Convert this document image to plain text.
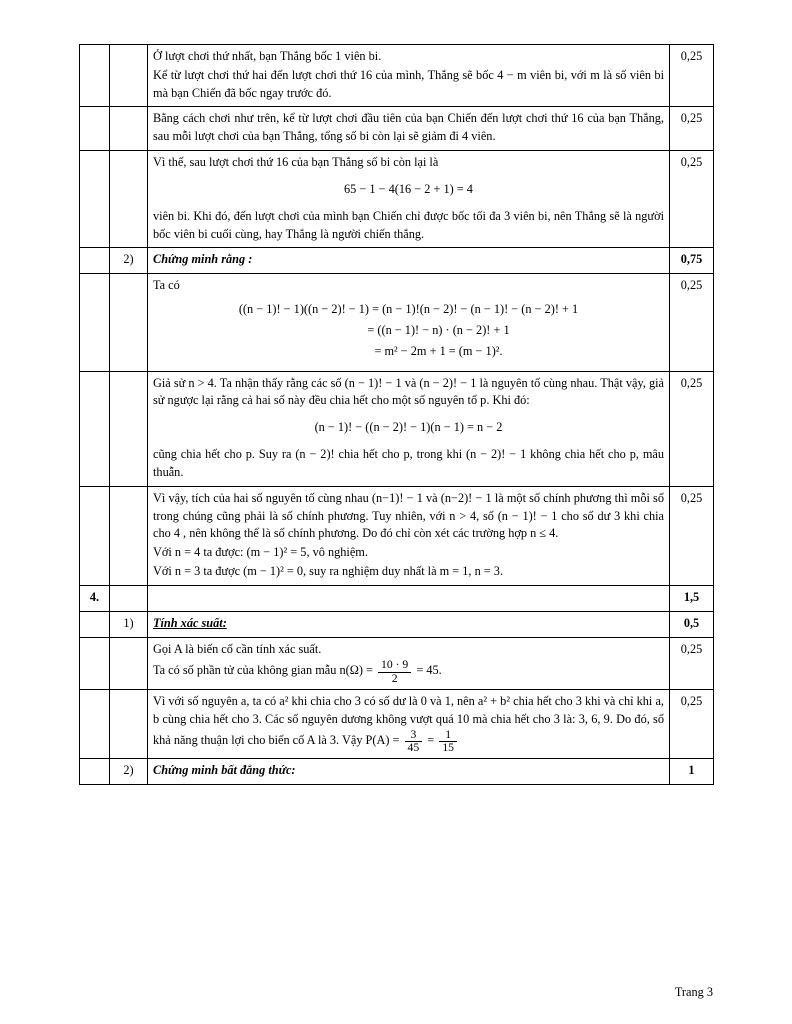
		Ở lượt chơi thứ nhất, bạn Thắng bốc 1 viên bi.

Kể từ lượt chơi thứ hai đến lượt chơi thứ 16 của mình, Thắng sẽ bốc 4 − m viên bi, với m là số viên bi mà bạn Chiến đã bốc ngay trước đó.	0,25

		Bằng cách chơi như trên, kể từ lượt chơi đầu tiên của bạn Chiến đến lượt chơi thứ 16 của bạn Thắng, sau mỗi lượt chơi của bạn Thắng, tổng số bi còn lại sẽ giảm đi 4 viên.	0,25

		Vì thế, sau lượt chơi thứ 16 của bạn Thắng số bi còn lại là

65 − 1 − 4(16 − 2 + 1) = 4

viên bi. Khi đó, đến lượt chơi của mình bạn Chiến chỉ được bốc tối đa 3 viên bi, nên Thắng sẽ là người bốc viên bi cuối cùng, hay Thắng là người chiến thắng.	0,25
	2)	Chứng minh rằng :	0,75

		Ta có

((n − 1)! − 1)((n − 2)! − 1) = (n − 1)!(n − 2)! − (n − 1)! − (n − 2)! + 1
= ((n − 1)! − n) · (n − 2)! + 1
= m² − 2m + 1 = (m − 1)².	0,25

		Giả sử n > 4. Ta nhận thấy rằng các số (n − 1)! − 1 và (n − 2)! − 1 là nguyên tố cùng nhau. Thật vậy, giả sử ngược lại rằng cả hai số này đều chia hết cho một số nguyên tố p. Khi đó:

(n − 1)! − ((n − 2)! − 1)(n − 1) = n − 2

cũng chia hết cho p. Suy ra (n − 2)! chia hết cho p, trong khi (n − 2)! − 1 không chia hết cho p, mâu thuẫn.	0,25

		Vì vậy, tích của hai số nguyên tố cùng nhau (n−1)! − 1 và (n−2)! − 1 là một số chính phương thì mỗi số trong chúng cũng phải là số chính phương. Tuy nhiên, với n > 4, số (n − 1)! − 1 cho số dư 3 khi chia cho 4 , nên không thể là số chính phương. Do đó chỉ còn xét các trường hợp n ≤ 4.

Với n = 4 ta được: (m − 1)² = 5, vô nghiệm.

Với n = 3 ta được (m − 1)² = 0, suy ra nghiệm duy nhất là m = 1, n = 3.	0,25
4.			1,5
	1)	Tính xác suất:	0,5

		Gọi A là biến cố cần tính xác suất.

Ta có số phần tử của không gian mẫu $n(\Omega) = \frac{10 \cdot 9}{2} = 45$.	0,25

Vì với số nguyên a, ta có a² khi chia cho 3 có số dư là 0 và 1, nên a² + b² chia hết cho 3 khi và chỉ khi a, b cùng chia hết cho 3. Các số nguyên dương không vượt quá 10 mà chia hết cho 3 là: 3, 6, 9. Do đó, số khả năng thuận lợi cho biến cố A là 3. Vậy $P(A) = \frac{3}{45} = \frac{1}{15}$

	0,25
	2)	Chứng minh bất đẳng thức:	1
Trang 3
